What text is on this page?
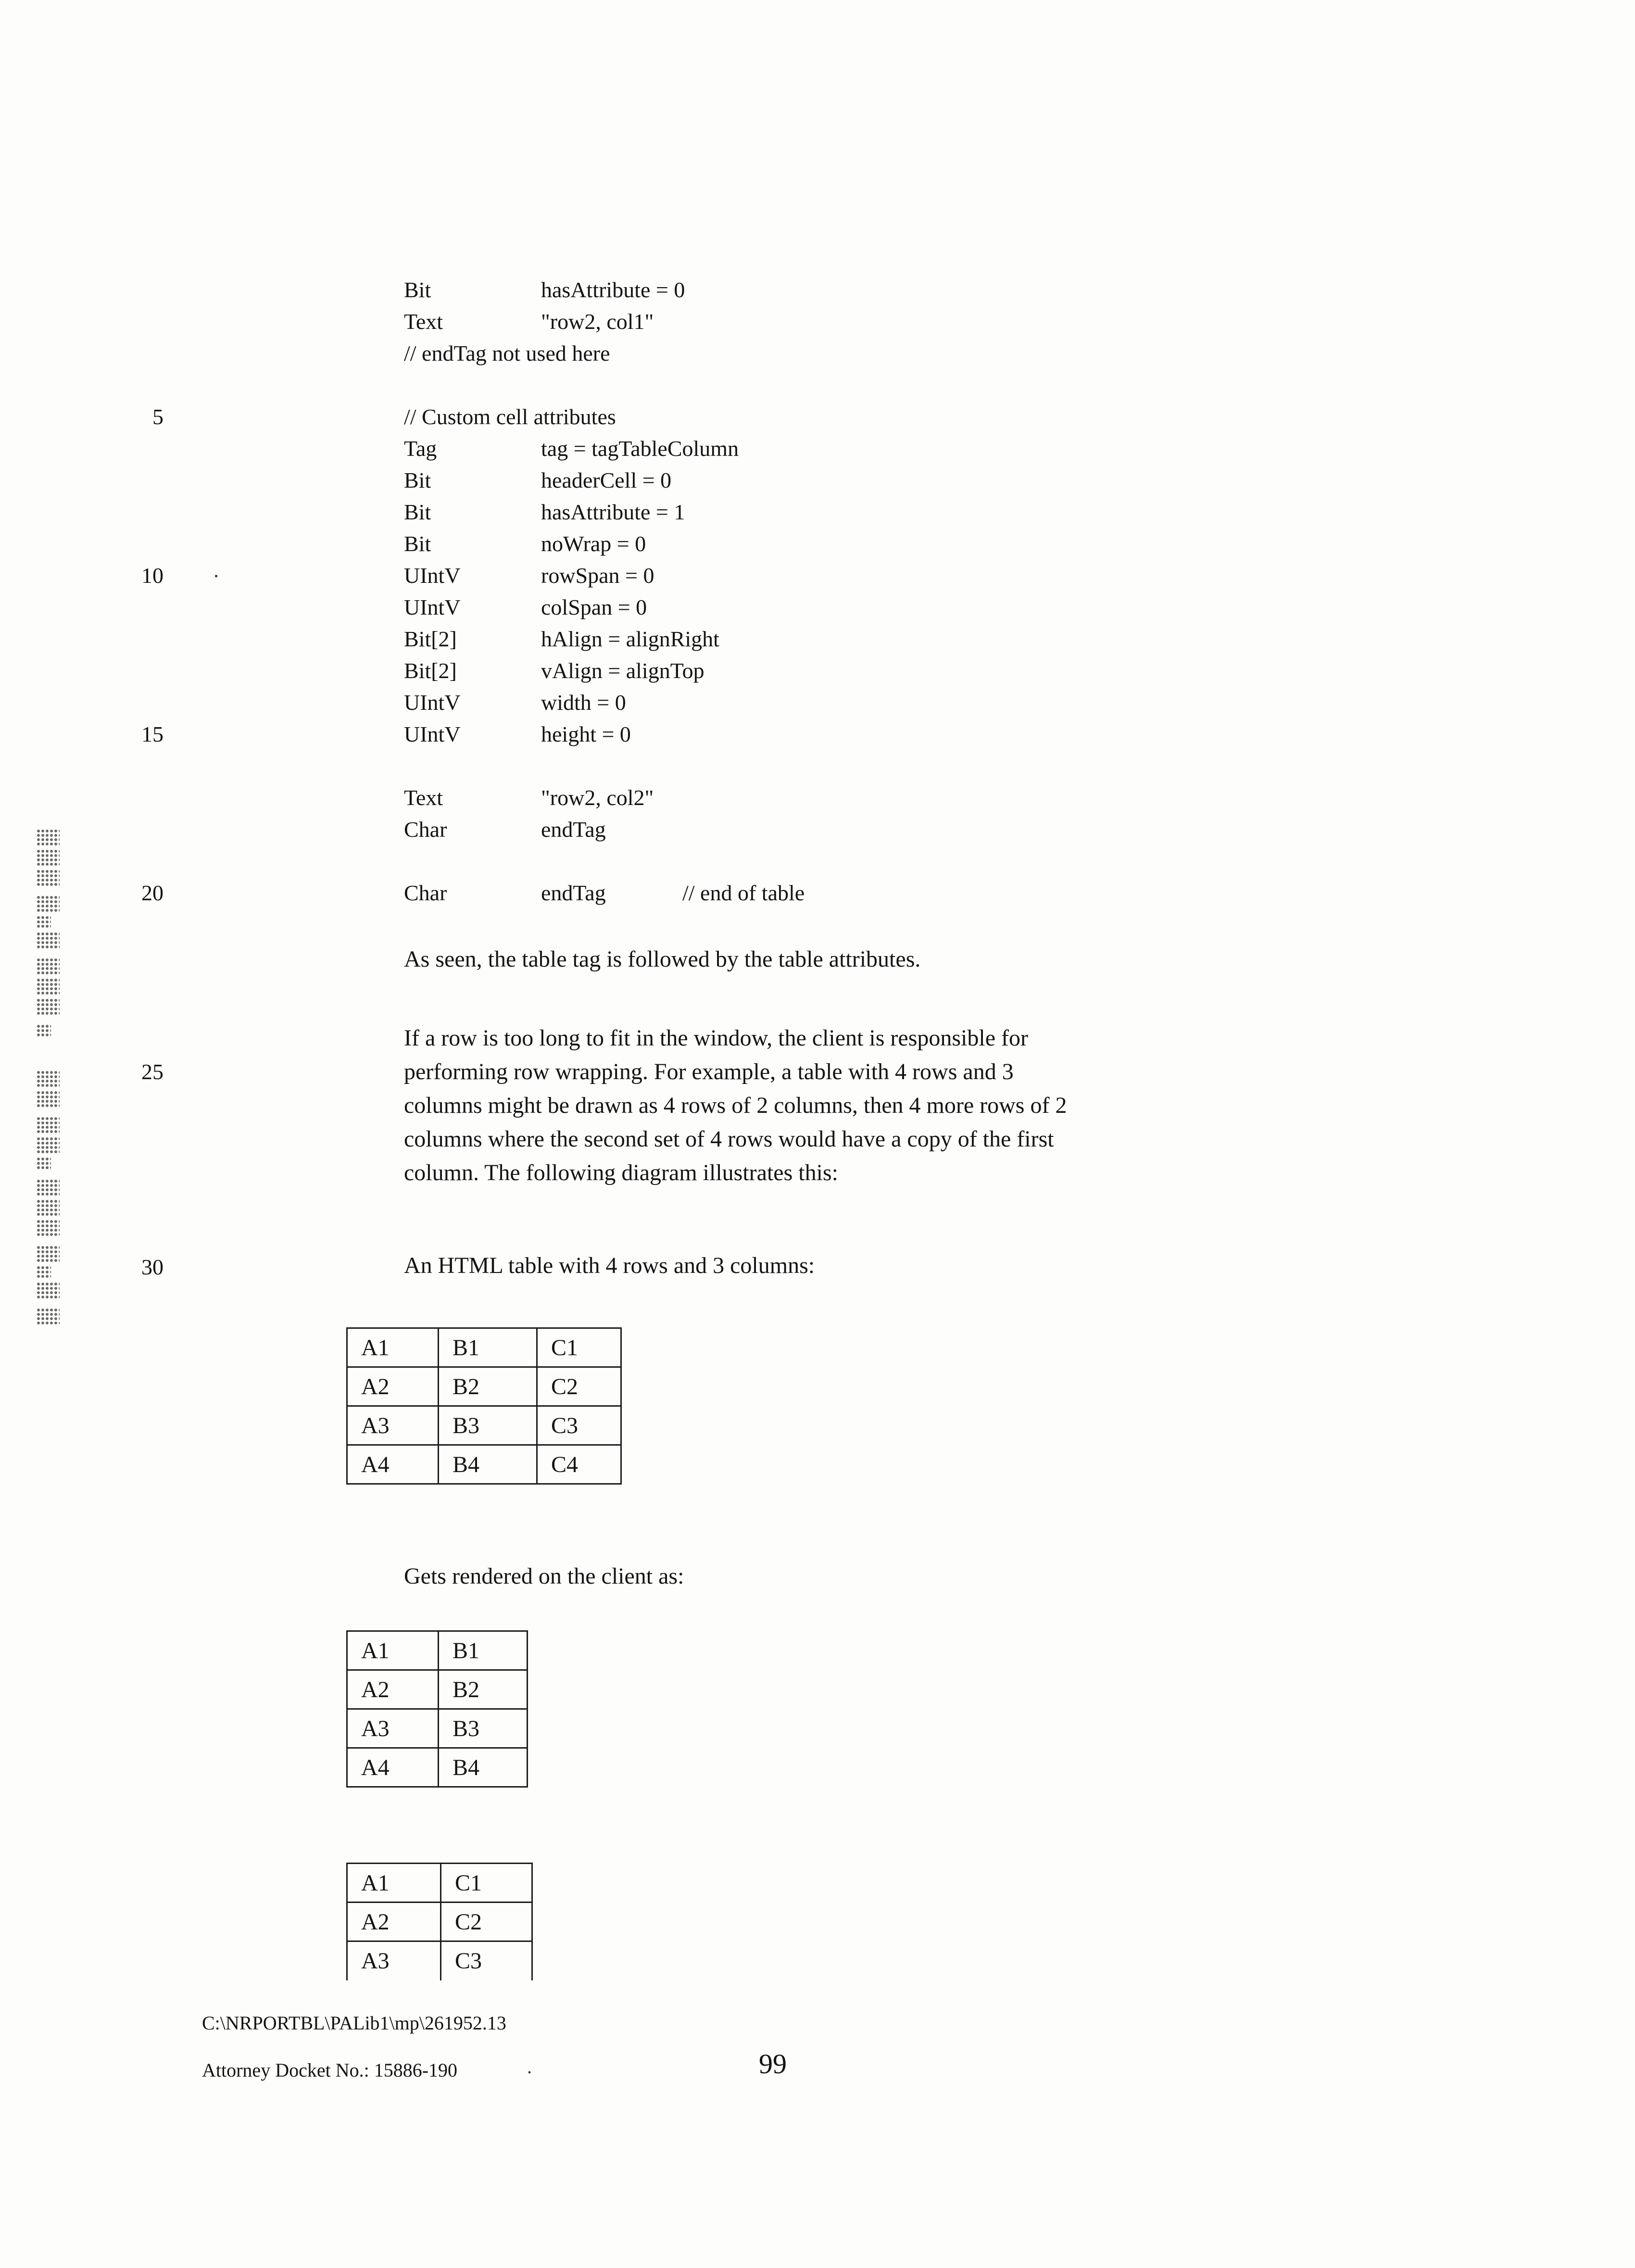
5
10
15
20
25
30
Bit	hasAttribute = 0
Text	"row2, col1"
// endTag not used here
// Custom cell attributes
Tag	tag = tagTableColumn
Bit	headerCell = 0
Bit	hasAttribute = 1
Bit	noWrap = 0
UIntV	rowSpan = 0
UIntV	colSpan = 0
Bit[2]	hAlign = alignRight
Bit[2]	vAlign = alignTop
UIntV	width = 0
UIntV	height = 0
Text	"row2, col2"
Char	endTag
Char	endTag	// end of table
As seen, the table tag is followed by the table attributes.
If a row is too long to fit in the window, the client is responsible for
performing row wrapping. For example, a table with 4 rows and 3
columns might be drawn as 4 rows of 2 columns, then 4 more rows of 2
columns where the second set of 4 rows would have a copy of the first
column. The following diagram illustrates this:
An HTML table with 4 rows and 3 columns:
A1	B1	C1
A2	B2	C2
A3	B3	C3
A4	B4	C4
Gets rendered on the client as:
A1	B1
A2	B2
A3	B3
A4	B4
A1	C1
A2	C2
A3	C3
C:\NRPORTBL\PALib1\mp\261952.13
Attorney Docket No.: 15886-190	99
.
.
